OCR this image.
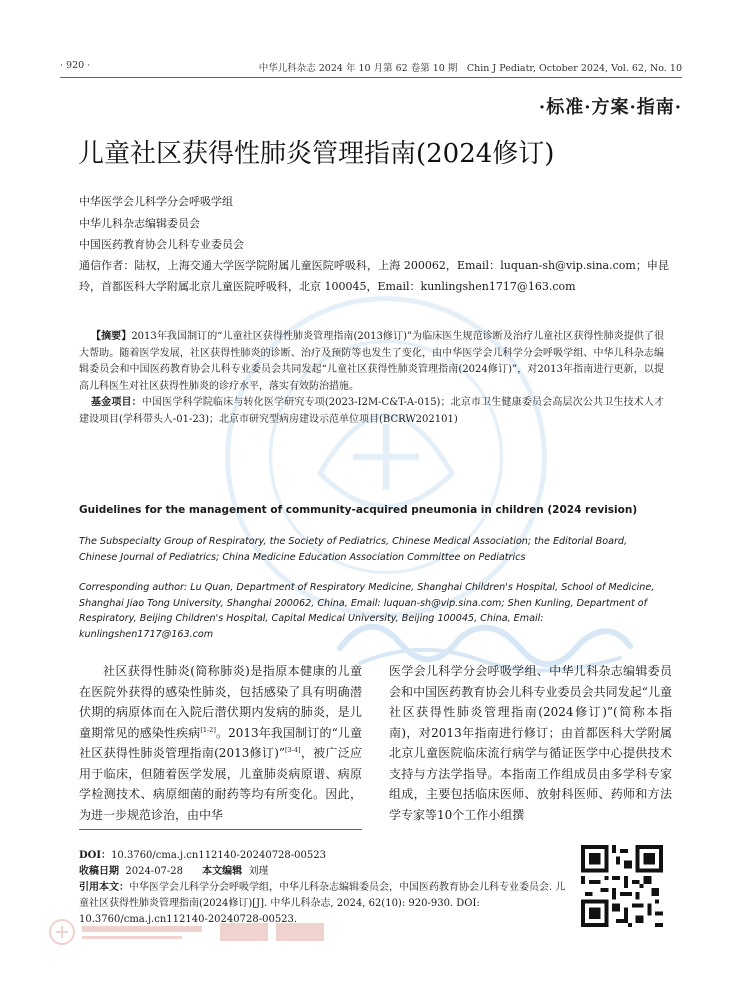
· 920 ·	中华儿科杂志 2024 年 10 月第 62 卷第 10 期　Chin J Pediatr, October 2024, Vol. 62, No. 10
·标准·方案·指南·
儿童社区获得性肺炎管理指南(2024修订)
中华医学会儿科学分会呼吸学组
中华儿科杂志编辑委员会
中国医药教育协会儿科专业委员会
通信作者：陆权，上海交通大学医学院附属儿童医院呼吸科，上海 200062，Email：luquan-sh@vip.sina.com；申昆玲，首都医科大学附属北京儿童医院呼吸科，北京 100045，Email：kunlingshen1717@163.com
【摘要】2013年我国制订的“儿童社区获得性肺炎管理指南(2013修订)”为临床医生规范诊断及治疗儿童社区获得性肺炎提供了很大帮助。随着医学发展，社区获得性肺炎的诊断、治疗及预防等也发生了变化，由中华医学会儿科学分会呼吸学组、中华儿科杂志编辑委员会和中国医药教育协会儿科专业委员会共同发起“儿童社区获得性肺炎管理指南(2024修订)”，对2013年指南进行更新，以提高儿科医生对社区获得性肺炎的诊疗水平，落实有效防治措施。
基金项目：中国医学科学院临床与转化医学研究专项(2023-I2M-C&T-A-015)；北京市卫生健康委员会高层次公共卫生技术人才建设项目(学科带头人-01-23)；北京市研究型病房建设示范单位项目(BCRW202101)
Guidelines for the management of community-acquired pneumonia in children (2024 revision)
The Subspecialty Group of Respiratory, the Society of Pediatrics, Chinese Medical Association; the Editorial Board, Chinese Journal of Pediatrics; China Medicine Education Association Committee on Pediatrics
Corresponding author: Lu Quan, Department of Respiratory Medicine, Shanghai Children's Hospital, School of Medicine, Shanghai Jiao Tong University, Shanghai 200062, China, Email: luquan-sh@vip.sina.com; Shen Kunling, Department of Respiratory, Beijing Children's Hospital, Capital Medical University, Beijing 100045, China, Email: kunlingshen1717@163.com
社区获得性肺炎(简称肺炎)是指原本健康的儿童在医院外获得的感染性肺炎，包括感染了具有明确潜伏期的病原体而在入院后潜伏期内发病的肺炎，是儿童期常见的感染性疾病[1-2]。2013年我国制订的“儿童社区获得性肺炎管理指南(2013修订)”[3-4]，被广泛应用于临床，但随着医学发展，儿童肺炎病原谱、病原学检测技术、病原细菌的耐药等均有所变化。因此，为进一步规范诊治，由中华
医学会儿科学分会呼吸学组、中华儿科杂志编辑委员会和中国医药教育协会儿科专业委员会共同发起“儿童社区获得性肺炎管理指南(2024修订)”(简称本指南)，对2013年指南进行修订；由首都医科大学附属北京儿童医院临床流行病学与循证医学中心提供技术支持与方法学指导。本指南工作组成员由多学科专家组成，主要包括临床医师、放射科医师、药师和方法学专家等10个工作小组撰
DOI：10.3760/cma.j.cn112140-20240728-00523
收稿日期 2024-07-28 本文编辑 刘瑾
引用本文：中华医学会儿科学分会呼吸学组，中华儿科杂志编辑委员会，中国医药教育协会儿科专业委员会. 儿童社区获得性肺炎管理指南(2024修订)[J]. 中华儿科杂志, 2024, 62(10): 920-930. DOI: 10.3760/cma.j.cn112140-20240728-00523.
